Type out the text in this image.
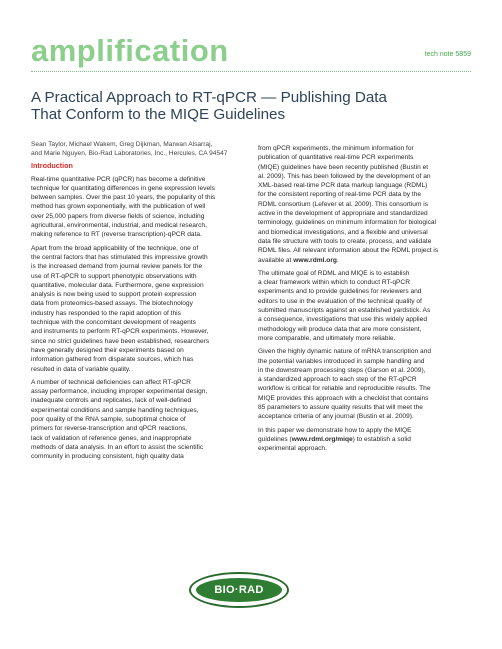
amplification	tech note 5859
A Practical Approach to RT-qPCR — Publishing Data
That Conform to the MIQE Guidelines
Sean Taylor, Michael Wakem, Greg Dijkman, Marwan Alsarraj,
and Marie Nguyen, Bio-Rad Laboratories, Inc., Hercules, CA 94547
Introduction

Real-time quantitative PCR (qPCR) has become a definitive
technique for quantitating differences in gene expression levels
between samples. Over the past 10 years, the popularity of this
method has grown exponentially, with the publication of well
over 25,000 papers from diverse fields of science, including
agricultural, environmental, industrial, and medical research,
making reference to RT (reverse transcription)-qPCR data.

Apart from the broad applicability of the technique, one of
the central factors that has stimulated this impressive growth
is the increased demand from journal review panels for the
use of RT-qPCR to support phenotypic observations with
quantitative, molecular data. Furthermore, gene expression
analysis is now being used to support protein expression
data from proteomics-based assays. The biotechnology
industry has responded to the rapid adoption of this
technique with the concomitant development of reagents
and instruments to perform RT-qPCR experiments. However,
since no strict guidelines have been established, researchers
have generally designed their experiments based on
information gathered from disparate sources, which has
resulted in data of variable quality.

A number of technical deficiencies can affect RT-qPCR
assay performance, including improper experimental design,
inadequate controls and replicates, lack of well-defined
experimental conditions and sample handling techniques,
poor quality of the RNA sample, suboptimal choice of
primers for reverse-transcription and qPCR reactions,
lack of validation of reference genes, and inappropriate
methods of data analysis. In an effort to assist the scientific
community in producing consistent, high quality data

from qPCR experiments, the minimum information for
publication of quantitative real-time PCR experiments
(MIQE) guidelines have been recently published (Bustin et
al. 2009). This has been followed by the development of an
XML-based real-time PCR data markup language (RDML)
for the consistent reporting of real-time PCR data by the
RDML consortium (Lefever et al. 2009). This consortium is
active in the development of appropriate and standardized
terminology, guidelines on minimum information for biological
and biomedical investigations, and a flexible and universal
data file structure with tools to create, process, and validate
RDML files. All relevant information about the RDML project is
available at www.rdml.org.

The ultimate goal of RDML and MIQE is to establish
a clear framework within which to conduct RT-qPCR
experiments and to provide guidelines for reviewers and
editors to use in the evaluation of the technical quality of
submitted manuscripts against an established yardstick. As
a consequence, investigations that use this widely applied
methodology will produce data that are more consistent,
more comparable, and ultimately more reliable.

Given the highly dynamic nature of mRNA transcription and
the potential variables introduced in sample handling and
in the downstream processing steps (Garson et al. 2009),
a standardized approach to each step of the RT-qPCR
workflow is critical for reliable and reproducible results. The
MIQE provides this approach with a checklist that contains
85 parameters to assure quality results that will meet the
acceptance criteria of any journal (Bustin et al. 2009).

In this paper we demonstrate how to apply the MIQE
guidelines (www.rdml.org/miqe) to establish a solid
experimental approach.

BIO·RAD
